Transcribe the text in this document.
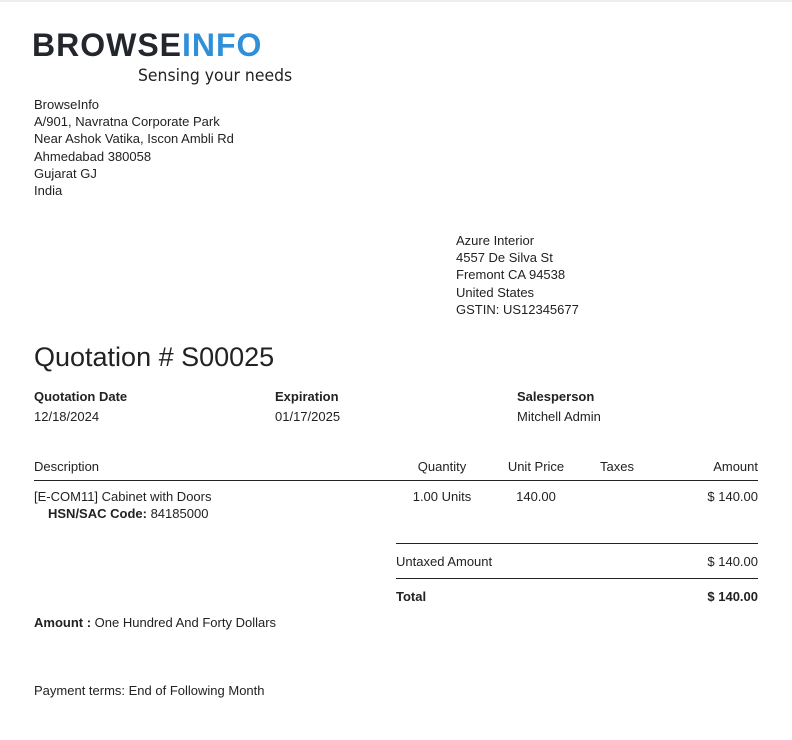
BROWSEINFO
Sensing your needs
BrowseInfo
A/901, Navratna Corporate Park
Near Ashok Vatika, Iscon Ambli Rd
Ahmedabad 380058
Gujarat GJ
India
Azure Interior
4557 De Silva St
Fremont CA 94538
United States
GSTIN: US12345677
Quotation # S00025
Quotation Date
12/18/2024
Expiration
01/17/2025
Salesperson
Mitchell Admin
Description	Quantity	Unit Price	Taxes	Amount

[E-COM11] Cabinet with Doors
HSN/SAC Code: 84185000	1.00 Units	140.00		$ 140.00
Untaxed Amount	$ 140.00
Total	$ 140.00
Amount : One Hundred And Forty Dollars
Payment terms: End of Following Month
